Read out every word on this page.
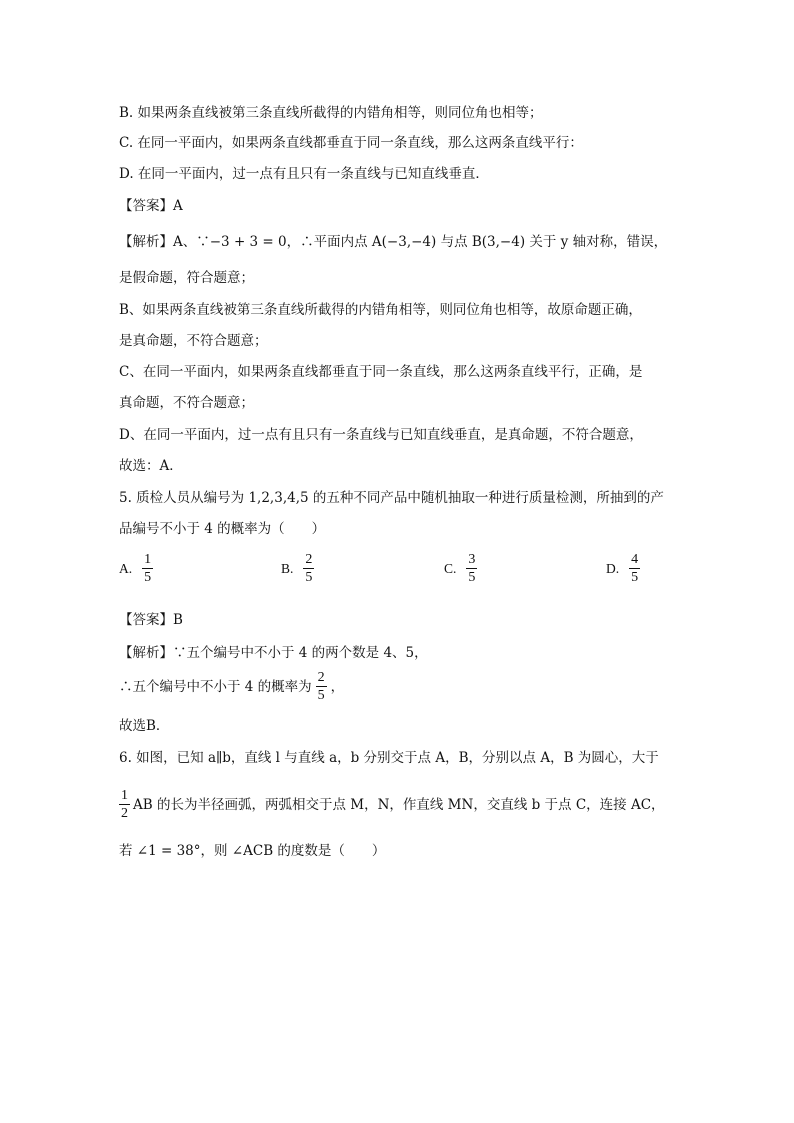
B. 如果两条直线被第三条直线所截得的内错角相等，则同位角也相等；
C. 在同一平面内，如果两条直线都垂直于同一条直线，那么这两条直线平行：
D. 在同一平面内，过一点有且只有一条直线与已知直线垂直．
【答案】A
【解析】A、∵−3 + 3 = 0，∴平面内点 A(−3,−4) 与点 B(3,−4) 关于 y 轴对称，错误，
是假命题，符合题意；
B、如果两条直线被第三条直线所截得的内错角相等，则同位角也相等，故原命题正确，
是真命题，不符合题意；
C、在同一平面内，如果两条直线都垂直于同一条直线，那么这两条直线平行，正确，是
真命题，不符合题意；
D、在同一平面内，过一点有且只有一条直线与已知直线垂直，是真命题，不符合题意，
故选：A．
5. 质检人员从编号为 1,2,3,4,5 的五种不同产品中随机抽取一种进行质量检测，所抽到的产
品编号不小于 4 的概率为（　　）
A. $\frac{1}{5}$	B. $\frac{2}{5}$	C. $\frac{3}{5}$	D. $\frac{4}{5}$
【答案】B
【解析】∵五个编号中不小于 4 的两个数是 4、5，
∴五个编号中不小于 4 的概率为 $\frac{2}{5}$ ，
故选B．
6. 如图，已知 a∥b，直线 l 与直线 a，b 分别交于点 A，B，分别以点 A，B 为圆心，大于
$\frac{1}{2}$ AB 的长为半径画弧，两弧相交于点 M，N，作直线 MN，交直线 b 于点 C，连接 AC，
若 ∠1 = 38°，则 ∠ACB 的度数是（　　）
